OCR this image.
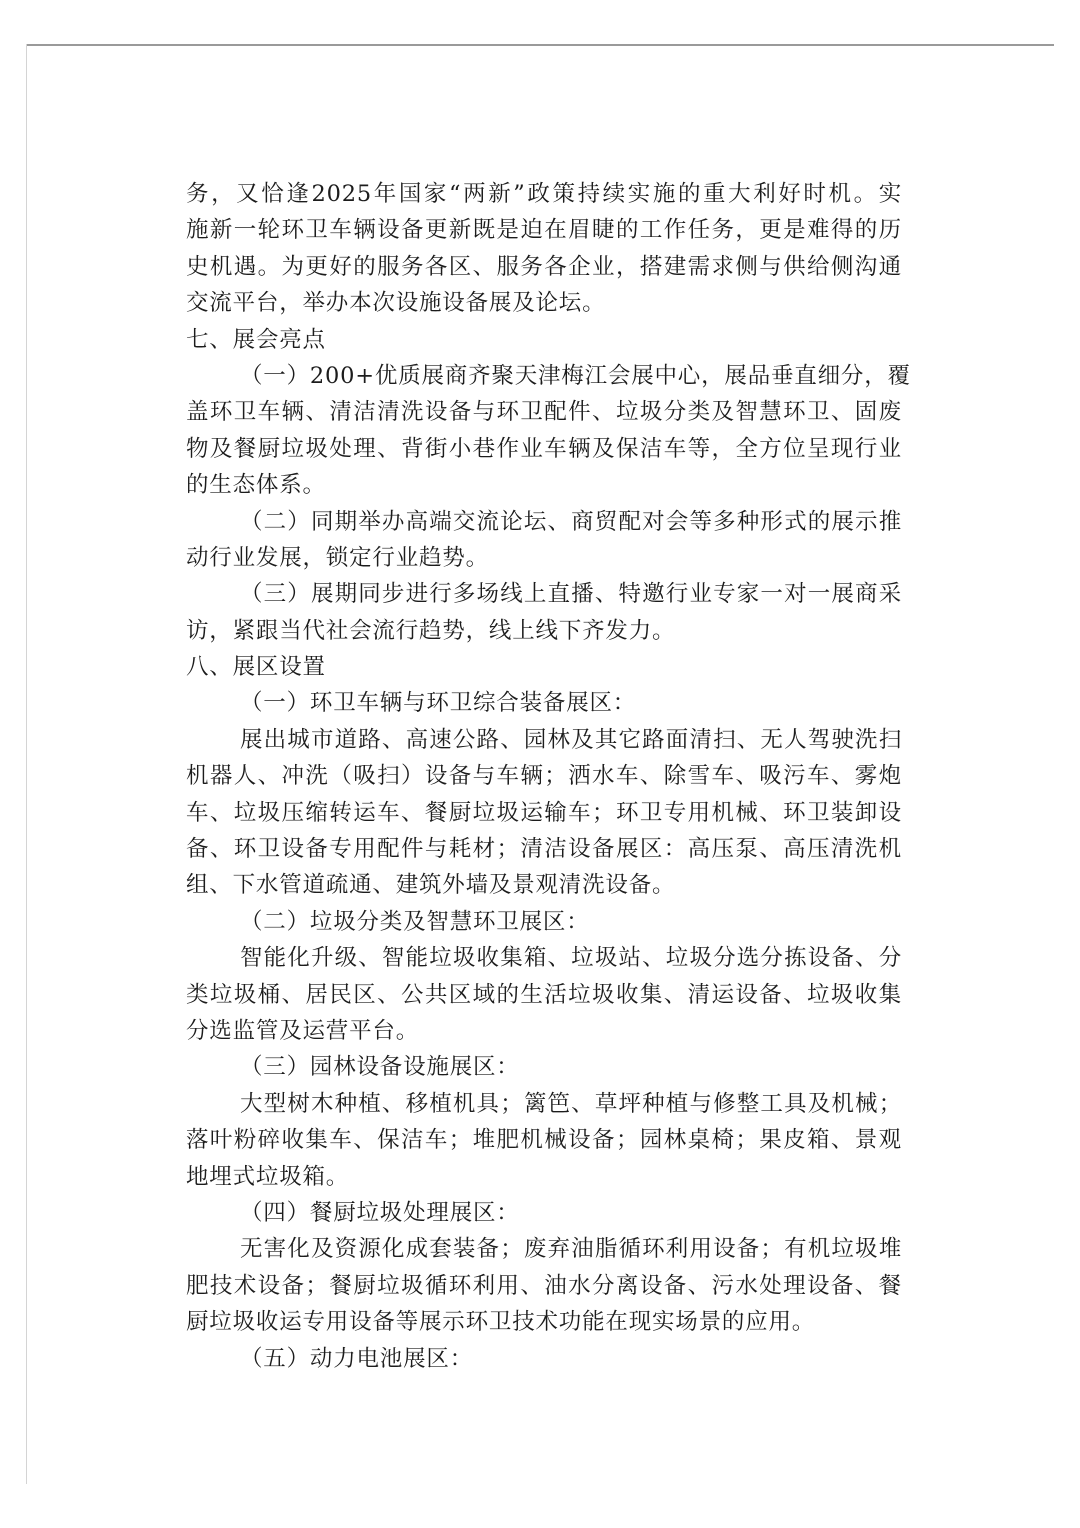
务，又恰逢2025年国家“两新”政策持续实施的重大利好时机。实
施新一轮环卫车辆设备更新既是迫在眉睫的工作任务，更是难得的历
史机遇。为更好的服务各区、服务各企业，搭建需求侧与供给侧沟通
交流平台，举办本次设施设备展及论坛。
七、展会亮点
（一）200+优质展商齐聚天津梅江会展中心，展品垂直细分，覆
盖环卫车辆、清洁清洗设备与环卫配件、垃圾分类及智慧环卫、固废
物及餐厨垃圾处理、背街小巷作业车辆及保洁车等，全方位呈现行业
的生态体系。
（二）同期举办高端交流论坛、商贸配对会等多种形式的展示推
动行业发展，锁定行业趋势。
（三）展期同步进行多场线上直播、特邀行业专家一对一展商采
访，紧跟当代社会流行趋势，线上线下齐发力。
八、展区设置
（一）环卫车辆与环卫综合装备展区：
展出城市道路、高速公路、园林及其它路面清扫、无人驾驶洗扫
机器人、冲洗（吸扫）设备与车辆；洒水车、除雪车、吸污车、雾炮
车、垃圾压缩转运车、餐厨垃圾运输车；环卫专用机械、环卫装卸设
备、环卫设备专用配件与耗材；清洁设备展区：高压泵、高压清洗机
组、下水管道疏通、建筑外墙及景观清洗设备。
（二）垃圾分类及智慧环卫展区：
智能化升级、智能垃圾收集箱、垃圾站、垃圾分选分拣设备、分
类垃圾桶、居民区、公共区域的生活垃圾收集、清运设备、垃圾收集
分选监管及运营平台。
（三）园林设备设施展区：
大型树木种植、移植机具；篱笆、草坪种植与修整工具及机械；
落叶粉碎收集车、保洁车；堆肥机械设备；园林桌椅；果皮箱、景观
地埋式垃圾箱。
（四）餐厨垃圾处理展区：
无害化及资源化成套装备；废弃油脂循环利用设备；有机垃圾堆
肥技术设备；餐厨垃圾循环利用、油水分离设备、污水处理设备、餐
厨垃圾收运专用设备等展示环卫技术功能在现实场景的应用。
（五）动力电池展区：
